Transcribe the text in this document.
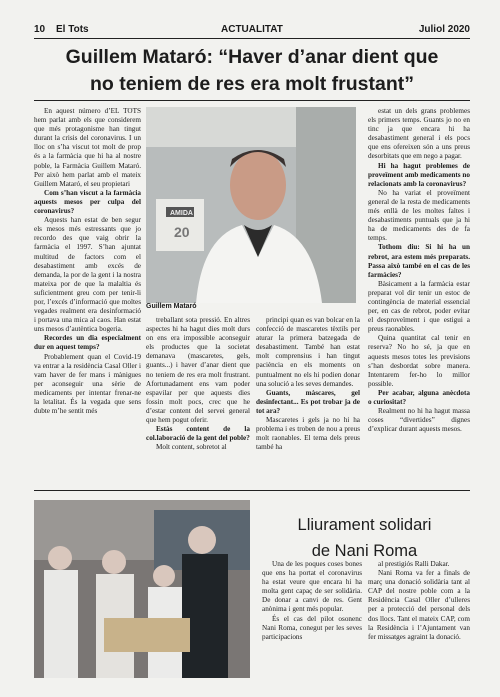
10 El Tots	ACTUALITAT	Juliol 2020
Guillem Mataró: “Haver d’anar dient que
no teniem de res era molt frustant”

En aquest número d’EL TOTS hem parlat amb els que considerem que més protagonisme han tingut durant la crisis del coronavirus. I un lloc on s’ha viscut tot molt de prop és a la farmàcia que hi ha al nostre poble, la Farmàcia Guillem Mataró. Per això hem parlat amb el mateix Guillem Mataró, el seu propietari

Com s’han viscut a la farmàcia aquests mesos per culpa del coronavirus?

Aquests han estat de ben segur els mesos més estressants que jo recordo des que vaig obrir la farmàcia el 1997. S’han ajuntat multitud de factors com el desabastiment amb excés de demanda, la por de la gent i la nostra mateixa por de que la malaltia és suficientment greu com per tenir-li por, l’excés d’informació que moltes vegades realment era desinformació i portava una mica al caos. Han estat uns mesos d’autèntica bogeria.

Recordes un dia especialment dur en aquest temps?

Probablement quan el Covid-19 va entrar a la residència Casal Oller i vam haver de fer mans i mànigues per aconseguir una sèrie de medicaments per intentar frenar-ne la letalitat. És la vegada que sens dubte m’he sentit més

AMIDA
20
Guillem Mataró

treballant sota pressió. En altres aspectes hi ha hagut dies molt durs on ens era impossible aconseguir els productes que la societat demanava (mascaretes, gels, guants...) i haver d’anar dient que no teniem de res era molt frustrant. Afortunadament ens vam poder espavilar per que aquests dies fossin molt pocs, crec que he d’estar content del servei general que hem pogut oferir.

Estàs content de la col.laboració de la gent del poble?

Molt content, sobretot al

principi quan es van bolcar en la confecció de mascaretes tèxtils per aturar la primera batzegada de desabastiment. També han estat molt comprensius i han tingut paciència en els moments on puntualment no els hi podien donar una solució a les seves demandes.

Guants, màscares, gel desinfectant... Es pot trobar ja de tot ara?

Mascaretes i gels ja no hi ha problema i es troben de nou a preus molt raonables. El tema dels preus també ha

estat un dels grans problemes els primers temps. Guants jo no en tinc ja que encara hi ha desabastiment general i els pocs que ens ofereixen són a uns preus desorbitats que em nego a pagar.

Hi ha hagut problemes de proveïment amb medicaments no relacionats amb la coronavirus?

No ha variat el proveïment general de la resta de medicaments més enllà de les moltes faltes i desabastiments puntuals que ja hi ha de medicaments des de fa temps.

Tothom diu: Si hi ha un rebrot, ara estem més preparats. Passa això també en el cas de les farmàcies?

Bàsicament a la farmàcia estar preparat vol dir tenir un estoc de contingència de material essencial per, en cas de rebrot, poder evitar el desproveïment i que estigui a preus raonables.

Quina quantitat cal tenir en reserva? No ho sé, ja que en aquests mesos totes les previsions s’han desbordat sobre manera. Intentarem fer-ho lo millor possible.

Per acabar, alguna anècdota o curiositat?

Realment no hi ha hagut massa coses “divertides” dignes d’explicar durant aquests mesos.

Lliurament solidari
de Nani Roma

Una de les poques coses bones que ens ha portat el coronavirus ha estat veure que encara hi ha molta gent capaç de ser solidària. De donar a canvi de res. Gent anònima i gent més popular.

És el cas del pilot osonenc Nani Roma, conegut per les seves participacions

al prestigiós Ralli Dakar.

Nani Roma va fer a finals de març una donació solidària tant al CAP del nostre poble com a la Residència Casal Oller d’ulleres per a protecció del personal dels dos llocs. Tant el mateix CAP, com la Residència i l’Ajuntament van fer missatges agraint la donació.
